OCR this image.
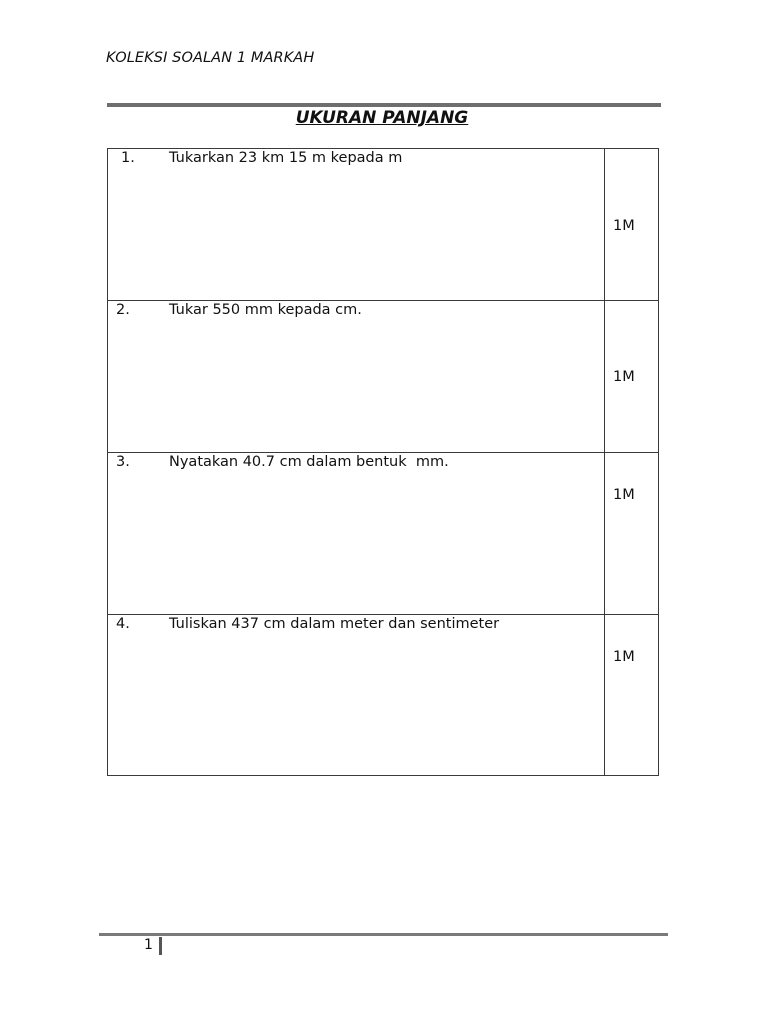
KOLEKSI SOALAN 1 MARKAH
UKURAN PANJANG
1. Tukarkan 23 km 15 m kepada m	1M

2. Tukar 550 mm kepada cm.	1M

3. Nyatakan 40.7 cm dalam bentuk  mm.	1M

4. Tuliskan 437 cm dalam meter dan sentimeter	1M
1
